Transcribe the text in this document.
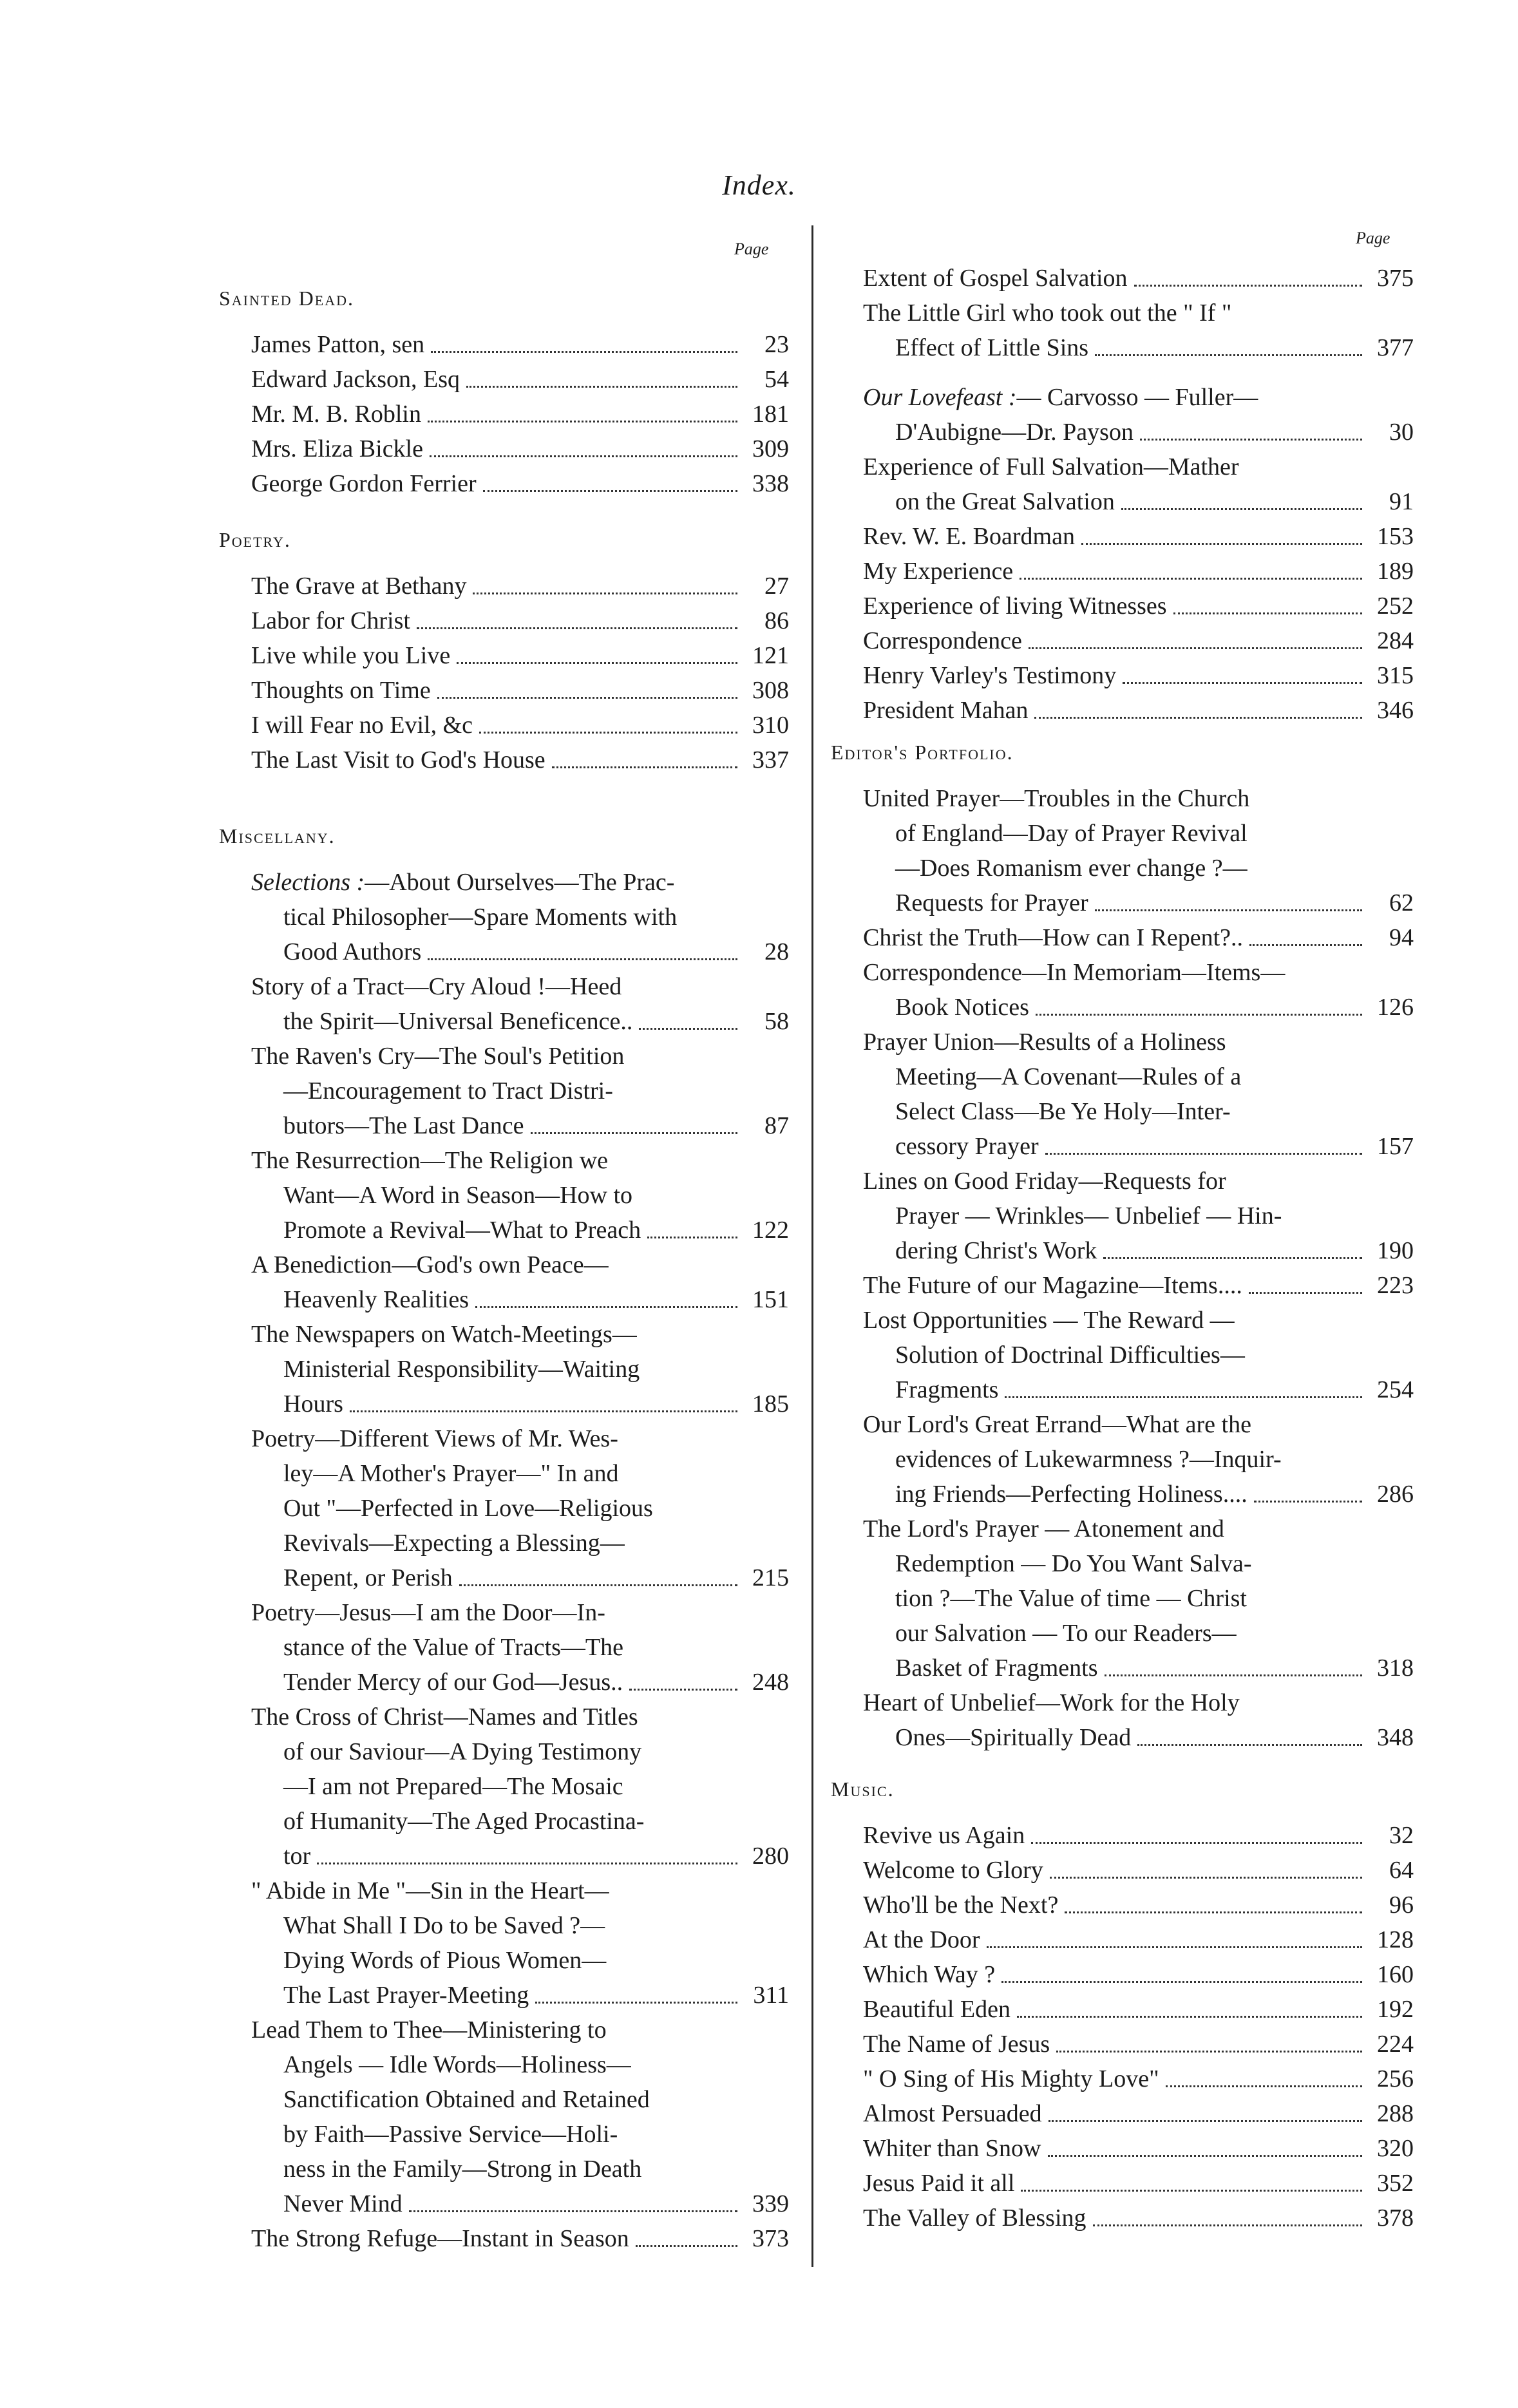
Index.
Page
Sainted Dead.
James Patton, sen	23
Edward Jackson, Esq	54
Mr. M. B. Roblin	181
Mrs. Eliza Bickle	309
George Gordon Ferrier	338
Poetry.
The Grave at Bethany	27
Labor for Christ	86
Live while you Live	121
Thoughts on Time	308
I will Fear no Evil, &c	310
The Last Visit to God's House	337
Miscellany.
Selections :—About Ourselves—The Prac-
tical Philosopher—Spare Moments with
Good Authors	28
Story of a Tract—Cry Aloud !—Heed
the Spirit—Universal Beneficence..	58
The Raven's Cry—The Soul's Petition
—Encouragement to Tract Distri-
butors—The Last Dance	87
The Resurrection—The Religion we
Want—A Word in Season—How to
Promote a Revival—What to Preach	122
A Benediction—God's own Peace—
Heavenly Realities	151
The Newspapers on Watch-Meetings—
Ministerial Responsibility—Waiting
Hours	185
Poetry—Different Views of Mr. Wes-
ley—A Mother's Prayer—" In and
Out "—Perfected in Love—Religious
Revivals—Expecting a Blessing—
Repent, or Perish	215
Poetry—Jesus—I am the Door—In-
stance of the Value of Tracts—The
Tender Mercy of our God—Jesus..	248
The Cross of Christ—Names and Titles
of our Saviour—A Dying Testimony
—I am not Prepared—The Mosaic
of Humanity—The Aged Procastina-
tor	280
" Abide in Me "—Sin in the Heart—
What Shall I Do to be Saved ?—
Dying Words of Pious Women—
The Last Prayer-Meeting	311
Lead Them to Thee—Ministering to
Angels — Idle Words—Holiness—
Sanctification Obtained and Retained
by Faith—Passive Service—Holi-
ness in the Family—Strong in Death
Never Mind	339
The Strong Refuge—Instant in Season	373
Page
Extent of Gospel Salvation	375
The Little Girl who took out the " If "
Effect of Little Sins	377
Our Lovefeast :— Carvosso — Fuller—
D'Aubigne—Dr. Payson	30
Experience of Full Salvation—Mather
on the Great Salvation	91
Rev. W. E. Boardman	153
My Experience	189
Experience of living Witnesses	252
Correspondence	284
Henry Varley's Testimony	315
President Mahan	346
Editor's Portfolio.
United Prayer—Troubles in the Church
of England—Day of Prayer Revival
—Does Romanism ever change ?—
Requests for Prayer	62
Christ the Truth—How can I Repent?..	94
Correspondence—In Memoriam—Items—
Book Notices	126
Prayer Union—Results of a Holiness
Meeting—A Covenant—Rules of a
Select Class—Be Ye Holy—Inter-
cessory Prayer	157
Lines on Good Friday—Requests for
Prayer — Wrinkles— Unbelief — Hin-
dering Christ's Work	190
The Future of our Magazine—Items....	223
Lost Opportunities — The Reward —
Solution of Doctrinal Difficulties—
Fragments	254
Our Lord's Great Errand—What are the
evidences of Lukewarmness ?—Inquir-
ing Friends—Perfecting Holiness....	286
The Lord's Prayer — Atonement and
Redemption — Do You Want Salva-
tion ?—The Value of time — Christ
our Salvation — To our Readers—
Basket of Fragments	318
Heart of Unbelief—Work for the Holy
Ones—Spiritually Dead	348
Music.
Revive us Again	32
Welcome to Glory	64
Who'll be the Next?	96
At the Door	128
Which Way ?	160
Beautiful Eden	192
The Name of Jesus	224
" O Sing of His Mighty Love"	256
Almost Persuaded	288
Whiter than Snow	320
Jesus Paid it all	352
The Valley of Blessing	378
